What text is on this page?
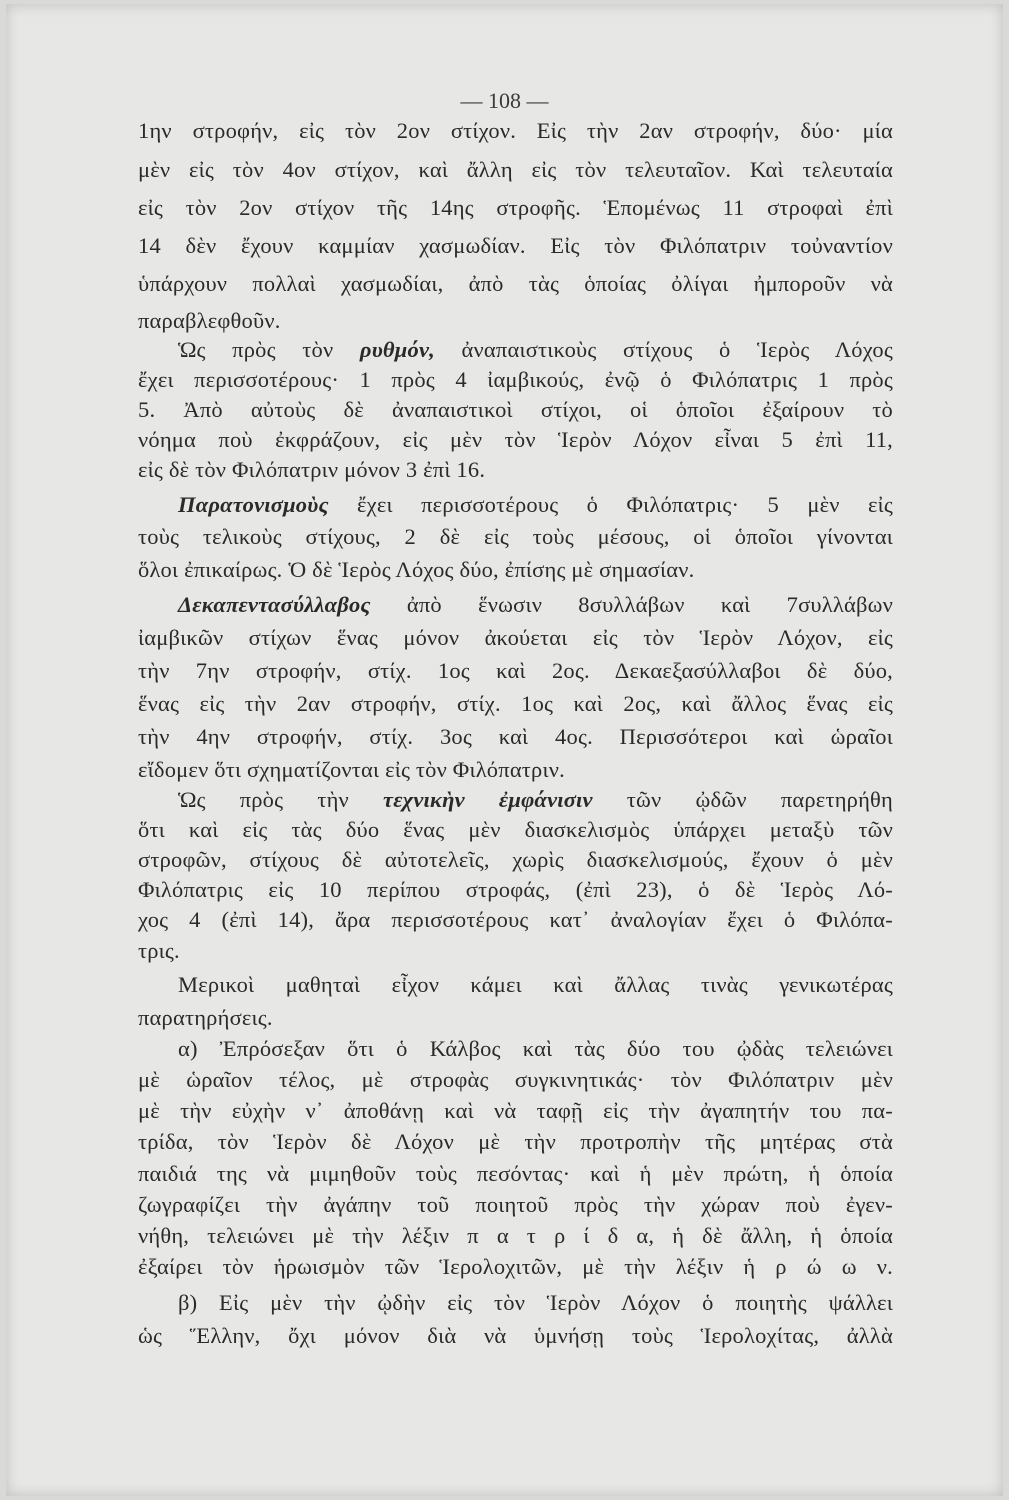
— 108 —
1ην στροφήν, εἰς τὸν 2ον στίχον. Εἰς τὴν 2αν στροφήν, δύο· μία
μὲν εἰς τὸν 4ον στίχον, καὶ ἄλλη εἰς τὸν τελευταῖον. Καὶ τελευταία
εἰς τὸν 2ον στίχον τῆς 14ης στροφῆς. Ἑπομένως 11 στροφαὶ ἐπὶ
14 δὲν ἔχουν καμμίαν χασμωδίαν. Εἰς τὸν Φιλόπατριν τοὐναντίον
ὑπάρχουν πολλαὶ χασμωδίαι, ἀπὸ τὰς ὁποίας ὀλίγαι ἠμποροῦν νὰ
παραβλεφθοῦν.
Ὡς πρὸς τὸν ρυθμόν, ἀναπαιστικοὺς στίχους ὁ Ἱερὸς Λόχος
ἔχει περισσοτέρους· 1 πρὸς 4 ἰαμβικούς, ἐνῷ ὁ Φιλόπατρις 1 πρὸς
5. Ἀπὸ αὐτοὺς δὲ ἀναπαιστικοὶ στίχοι, οἱ ὁποῖοι ἐξαίρουν τὸ
νόημα ποὺ ἐκφράζουν, εἰς μὲν τὸν Ἱερὸν Λόχον εἶναι 5 ἐπὶ 11,
εἰς δὲ τὸν Φιλόπατριν μόνον 3 ἐπὶ 16.
Παρατονισμοὺς ἔχει περισσοτέρους ὁ Φιλόπατρις· 5 μὲν εἰς
τοὺς τελικοὺς στίχους, 2 δὲ εἰς τοὺς μέσους, οἱ ὁποῖοι γίνονται
ὅλοι ἐπικαίρως. Ὁ δὲ Ἱερὸς Λόχος δύο, ἐπίσης μὲ σημασίαν.
Δεκαπεντασύλλαβος ἀπὸ ἕνωσιν 8συλλάβων καὶ 7συλλάβων
ἰαμβικῶν στίχων ἕνας μόνον ἀκούεται εἰς τὸν Ἱερὸν Λόχον, εἰς
τὴν 7ην στροφήν, στίχ. 1ος καὶ 2ος. Δεκαεξασύλλαβοι δὲ δύο,
ἕνας εἰς τὴν 2αν στροφήν, στίχ. 1ος καὶ 2ος, καὶ ἄλλος ἕνας εἰς
τὴν 4ην στροφήν, στίχ. 3ος καὶ 4ος. Περισσότεροι καὶ ὡραῖοι
εἴδομεν ὅτι σχηματίζονται εἰς τὸν Φιλόπατριν.
Ὡς πρὸς τὴν τεχνικὴν ἐμφάνισιν τῶν ᾠδῶν παρετηρήθη
ὅτι καὶ εἰς τὰς δύο ἕνας μὲν διασκελισμὸς ὑπάρχει μεταξὺ τῶν
στροφῶν, στίχους δὲ αὐτοτελεῖς, χωρὶς διασκελισμούς, ἔχουν ὁ μὲν
Φιλόπατρις εἰς 10 περίπου στροφάς, (ἐπὶ 23), ὁ δὲ Ἱερὸς Λό-
χος 4 (ἐπὶ 14), ἄρα περισσοτέρους κατ᾽ ἀναλογίαν ἔχει ὁ Φιλόπα-
τρις.
Μερικοὶ μαθηταὶ εἶχον κάμει καὶ ἄλλας τινὰς γενικωτέρας
παρατηρήσεις.
α) Ἐπρόσεξαν ὅτι ὁ Κάλβος καὶ τὰς δύο του ᾠδὰς τελειώνει
μὲ ὡραῖον τέλος, μὲ στροφὰς συγκινητικάς· τὸν Φιλόπατριν μὲν
μὲ τὴν εὐχὴν ν᾽ ἀποθάνῃ καὶ νὰ ταφῇ εἰς τὴν ἀγαπητήν του πα-
τρίδα, τὸν Ἱερὸν δὲ Λόχον μὲ τὴν προτροπὴν τῆς μητέρας στὰ
παιδιά της νὰ μιμηθοῦν τοὺς πεσόντας· καὶ ἡ μὲν πρώτη, ἡ ὁποία
ζωγραφίζει τὴν ἀγάπην τοῦ ποιητοῦ πρὸς τὴν χώραν ποὺ ἐγεν-
νήθη, τελειώνει μὲ τὴν λέξιν π α τ ρ ί δ α, ἡ δὲ ἄλλη, ἡ ὁποία
ἐξαίρει τὸν ἡρωισμὸν τῶν Ἱερολοχιτῶν, μὲ τὴν λέξιν ἡ ρ ώ ω ν.
β) Εἰς μὲν τὴν ᾠδὴν εἰς τὸν Ἱερὸν Λόχον ὁ ποιητὴς ψάλλει
ὡς Ἕλλην, ὄχι μόνον διὰ νὰ ὑμνήσῃ τοὺς Ἱερολοχίτας, ἀλλὰ
